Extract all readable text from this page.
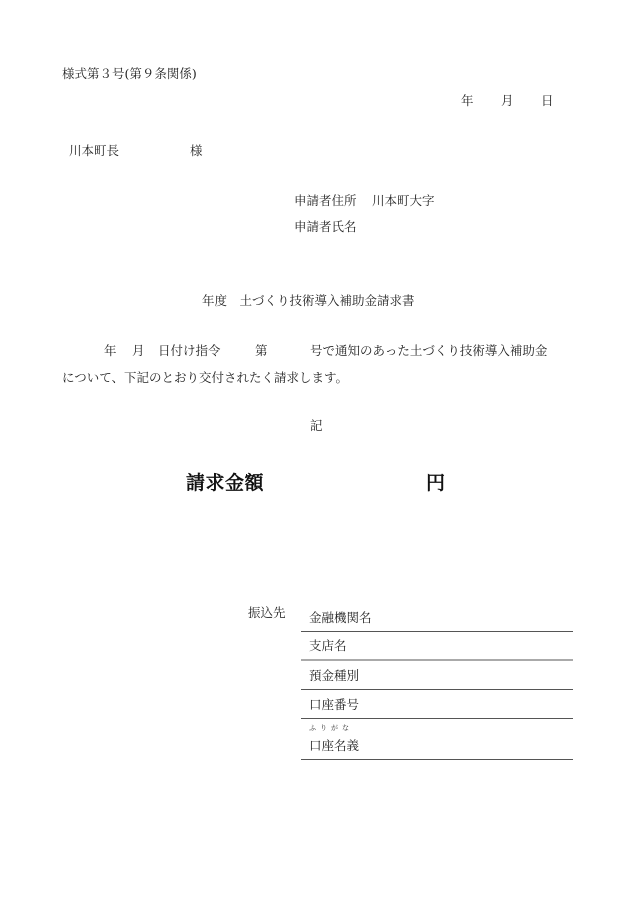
様式第３号(第９条関係)
年 月 日
川本町長	様
申請者住所 川本町大字
申請者氏名
年度　土づくり技術導入補助金請求書
年 月 日付け指令	第	号で通知のあった土づくり技術導入補助金
について、下記のとおり交付されたく請求します。
記
請求金額	円
振込先 金融機関名
支店名
預金種別
口座番号
ふりがな
口座名義
